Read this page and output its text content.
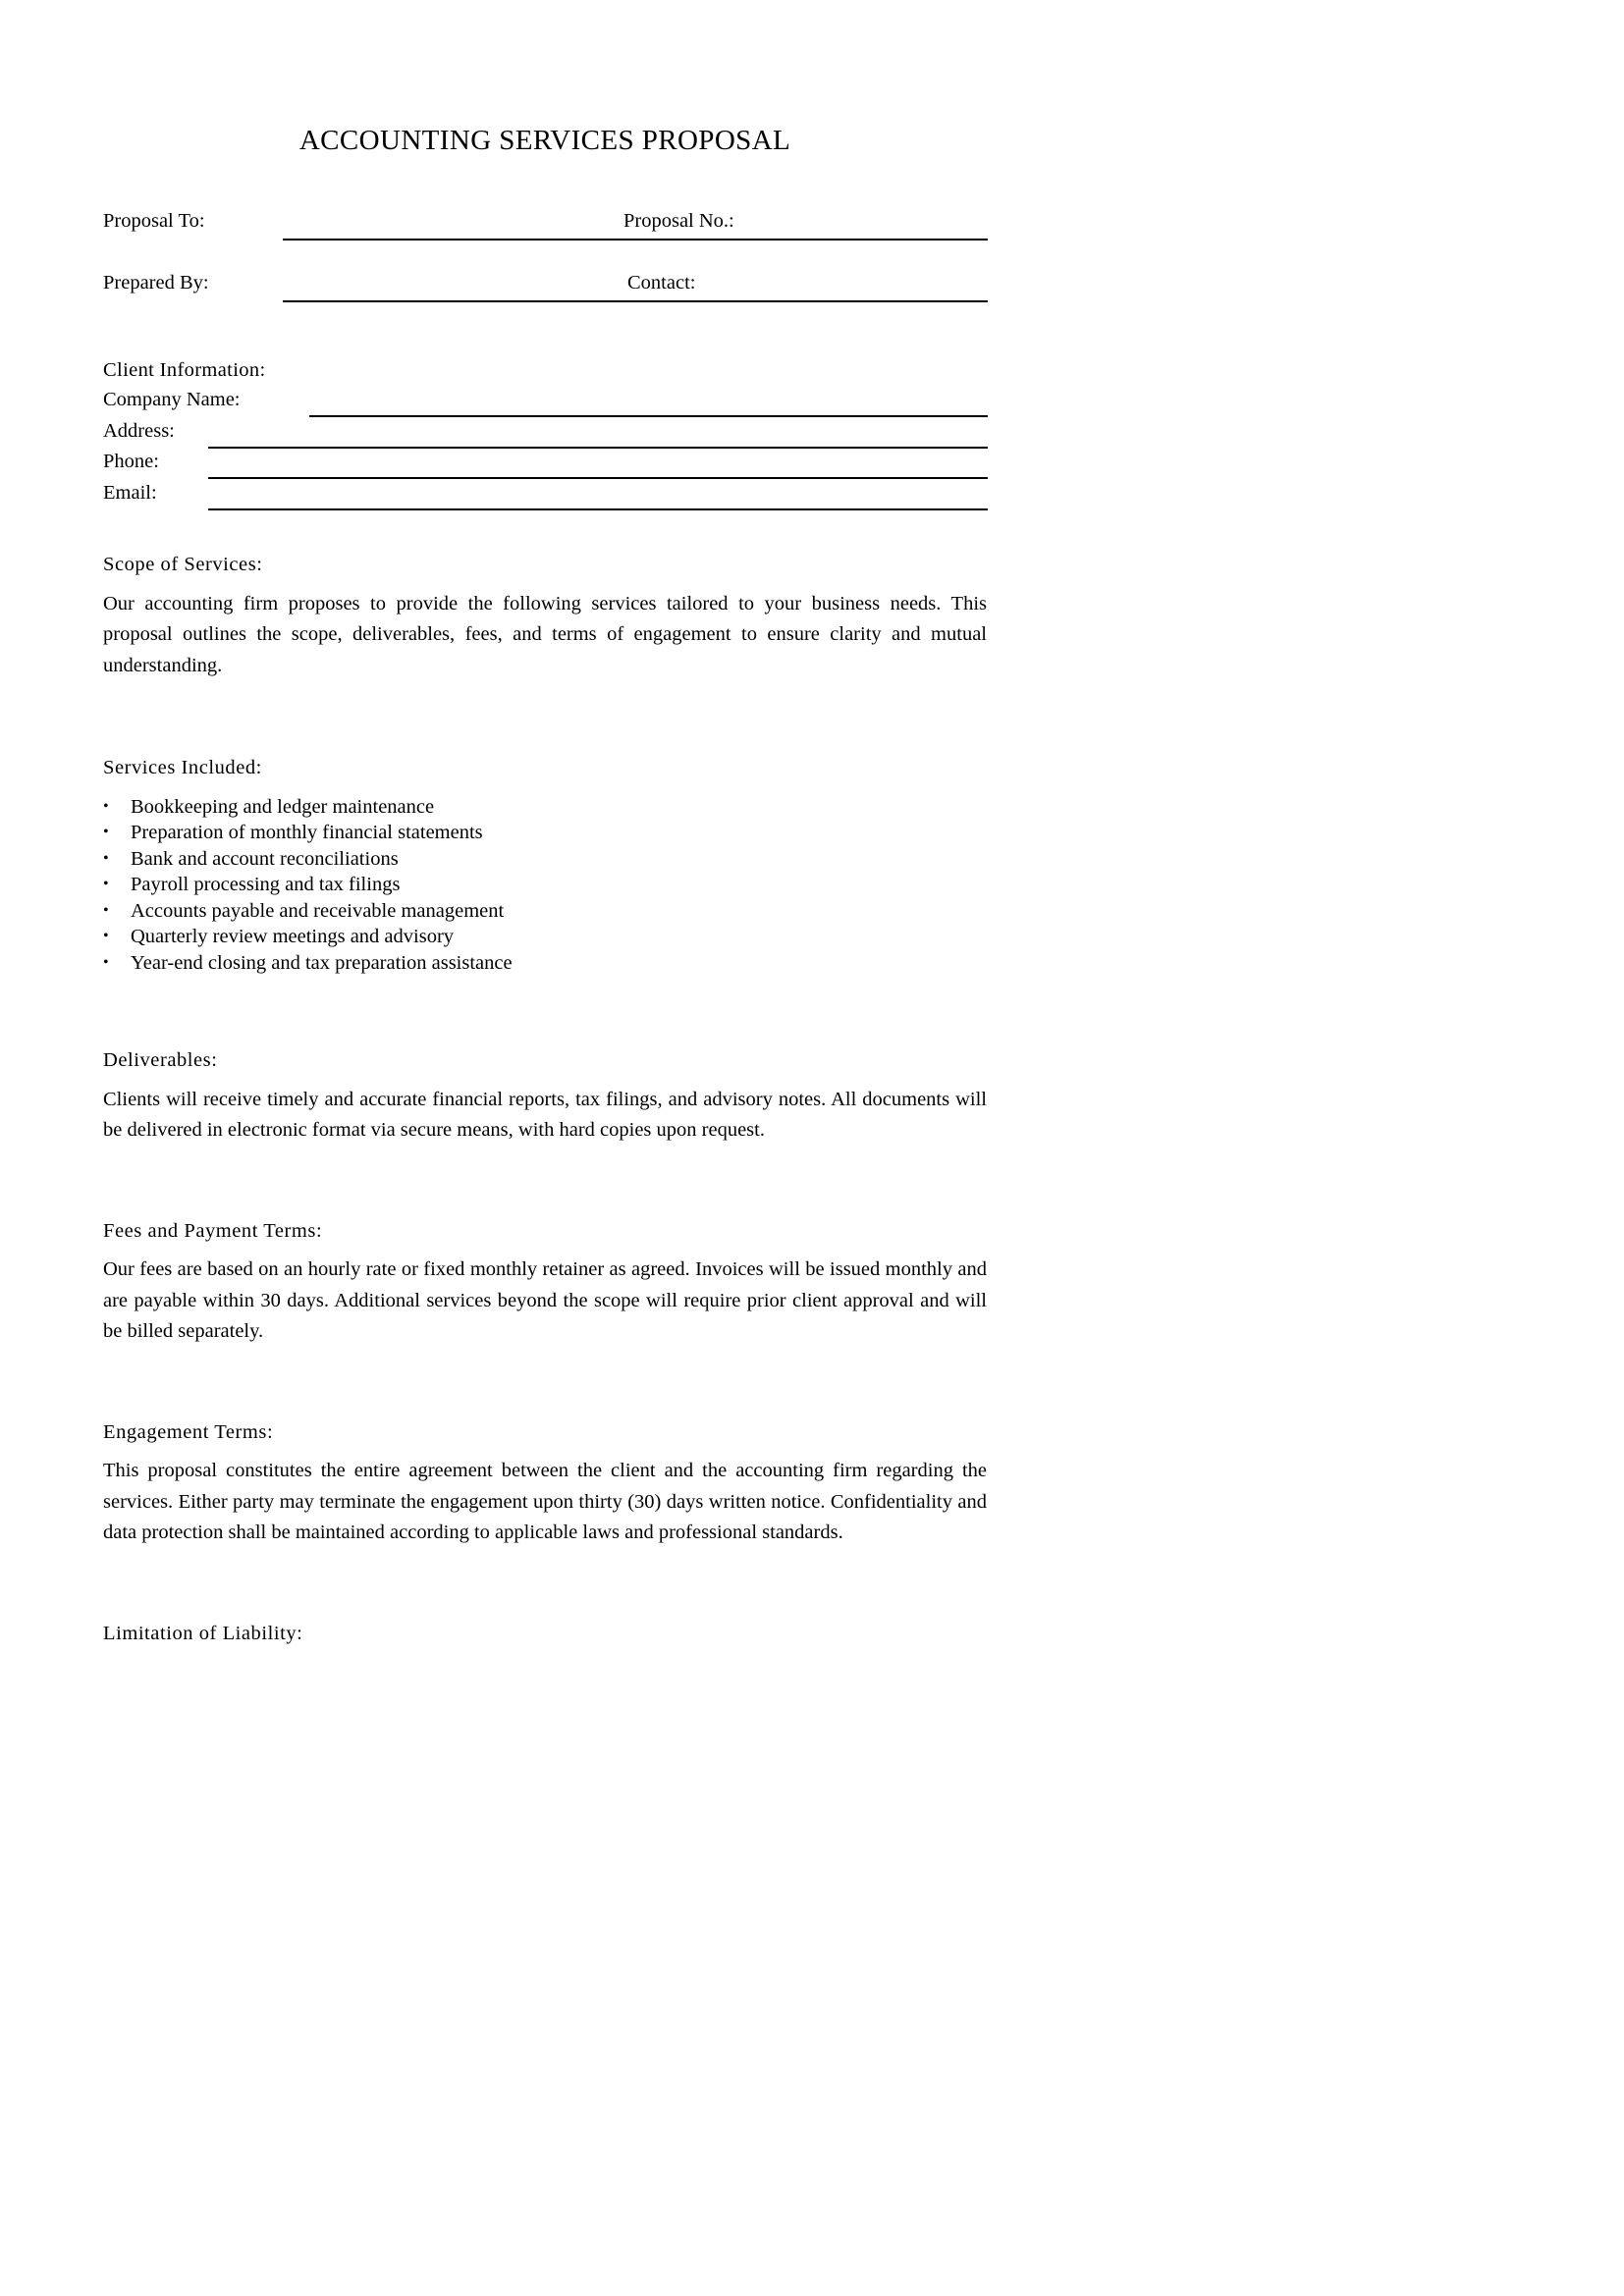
ACCOUNTING SERVICES PROPOSAL
Proposal To:	Proposal No.:
Prepared By:	Contact:
Client Information:
Company Name:
Address:
Phone:
Email:
Scope of Services:

Our accounting firm proposes to provide the following services tailored to your business needs. This proposal outlines the scope, deliverables, fees, and terms of engagement to ensure clarity and mutual understanding.

Services Included:
• Bookkeeping and ledger maintenance
• Preparation of monthly financial statements
• Bank and account reconciliations
• Payroll processing and tax filings
• Accounts payable and receivable management
• Quarterly review meetings and advisory
• Year-end closing and tax preparation assistance
Deliverables:

Clients will receive timely and accurate financial reports, tax filings, and advisory notes. All documents will be delivered in electronic format via secure means, with hard copies upon request.

Fees and Payment Terms:

Our fees are based on an hourly rate or fixed monthly retainer as agreed. Invoices will be issued monthly and are payable within 30 days. Additional services beyond the scope will require prior client approval and will be billed separately.

Engagement Terms:

This proposal constitutes the entire agreement between the client and the accounting firm regarding the services. Either party may terminate the engagement upon thirty (30) days written notice. Confidentiality and data protection shall be maintained according to applicable laws and professional standards.

Limitation of Liability:
